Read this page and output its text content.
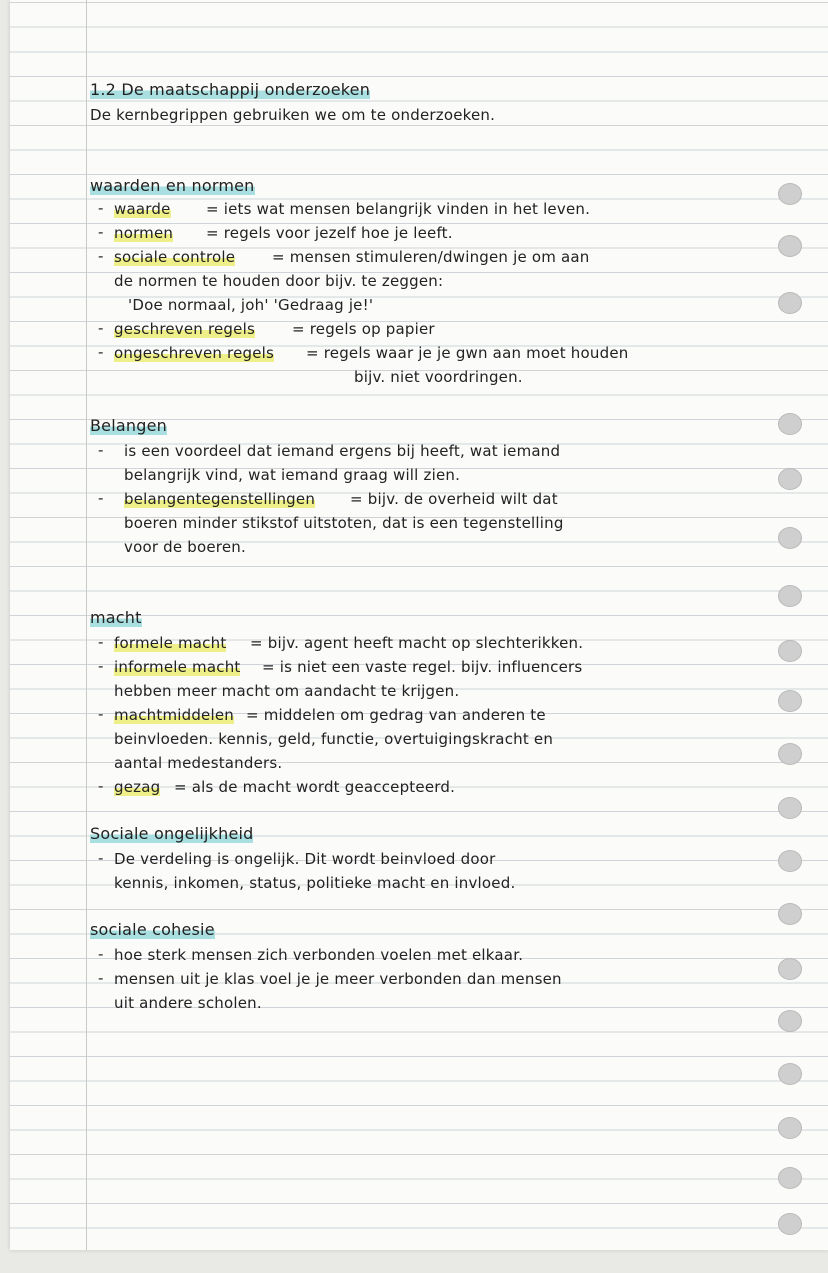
1.2 De maatschappij onderzoeken
De kernbegrippen gebruiken we om te onderzoeken.
waarden en normen
- waarde = iets wat mensen belangrijk vinden in het leven.
- normen = regels voor jezelf hoe je leeft.
- sociale controle = mensen stimuleren/dwingen je om aan
de normen te houden door bijv. te zeggen:
'Doe normaal, joh' 'Gedraag je!'
- geschreven regels = regels op papier
- ongeschreven regels = regels waar je je gwn aan moet houden
bijv. niet voordringen.
Belangen
- is een voordeel dat iemand ergens bij heeft, wat iemand
belangrijk vind, wat iemand graag will zien.
- belangentegenstellingen = bijv. de overheid wilt dat
boeren minder stikstof uitstoten, dat is een tegenstelling
voor de boeren.
macht
- formele macht = bijv. agent heeft macht op slechterikken.
- informele macht = is niet een vaste regel. bijv. influencers
hebben meer macht om aandacht te krijgen.
- machtmiddelen = middelen om gedrag van anderen te
beinvloeden. kennis, geld, functie, overtuigingskracht en
aantal medestanders.
- gezag = als de macht wordt geaccepteerd.
Sociale ongelijkheid
- De verdeling is ongelijk. Dit wordt beinvloed door
kennis, inkomen, status, politieke macht en invloed.
sociale cohesie
- hoe sterk mensen zich verbonden voelen met elkaar.
- mensen uit je klas voel je je meer verbonden dan mensen
uit andere scholen.
